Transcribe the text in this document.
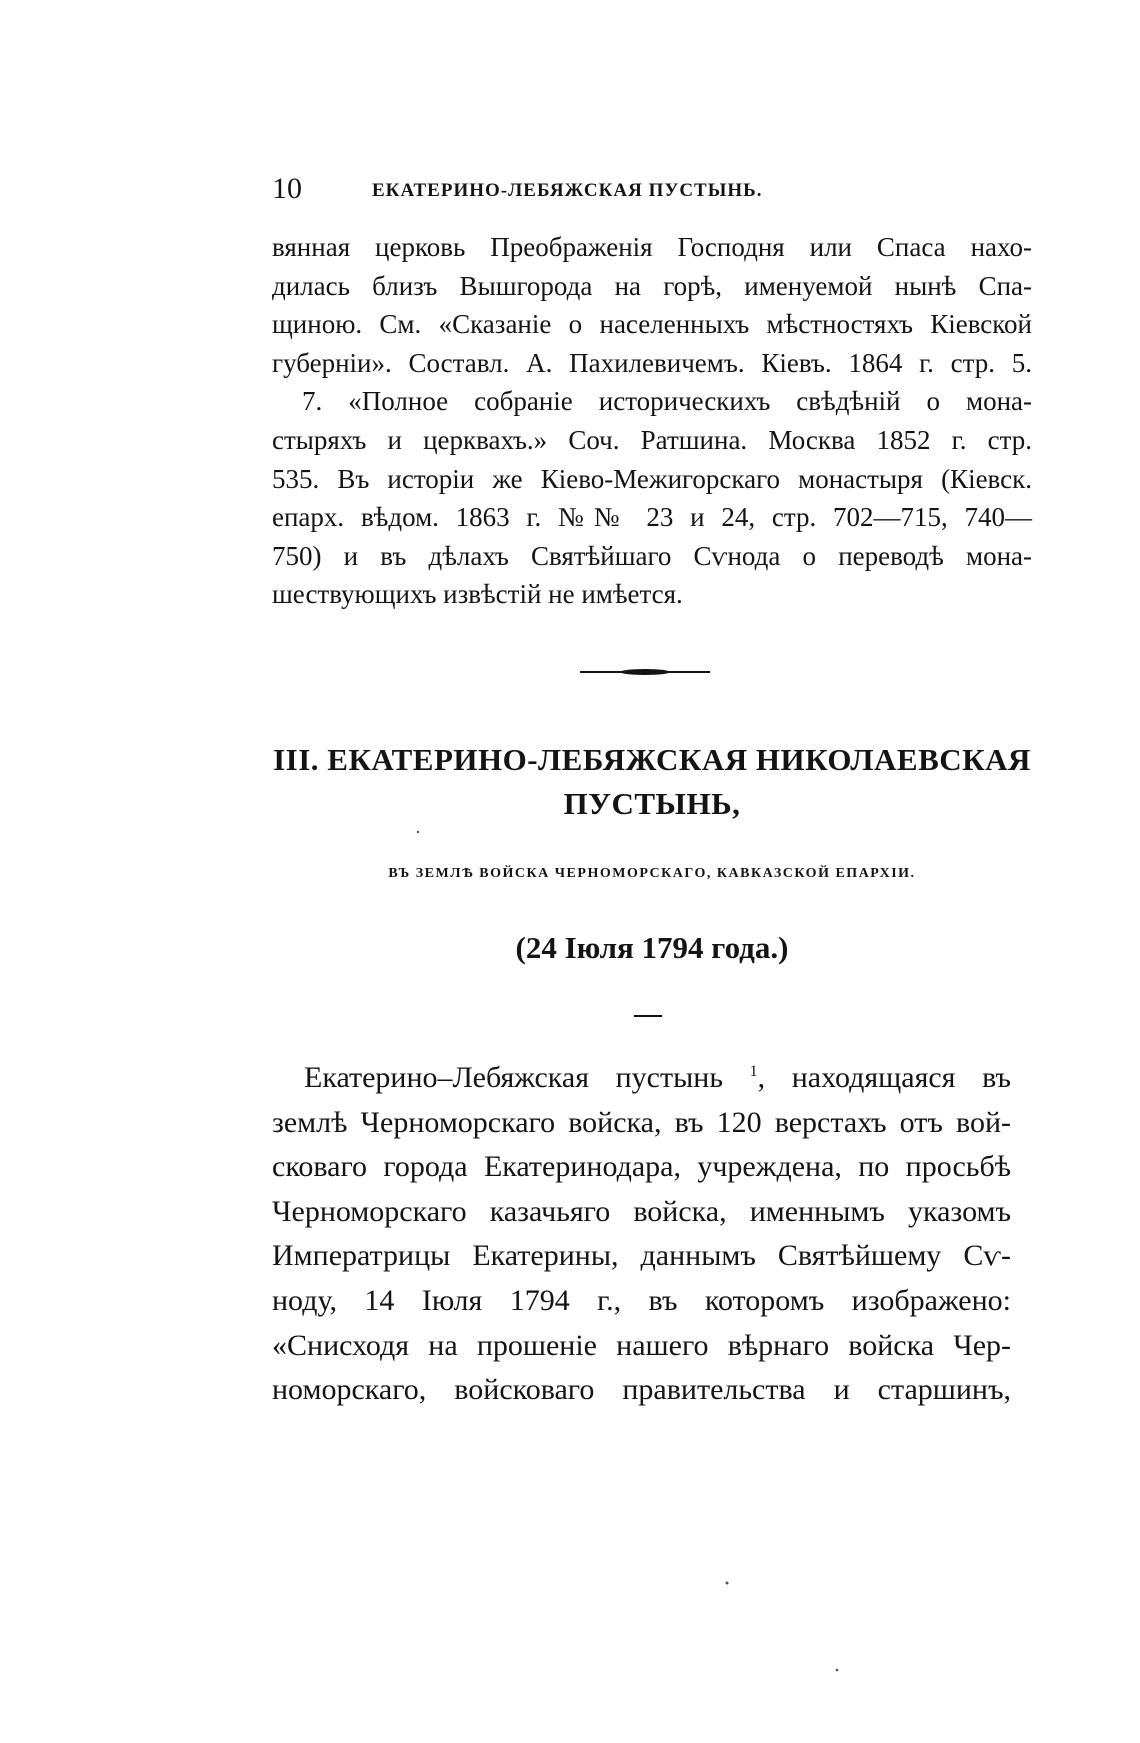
10	ЕКАТЕРИНО-ЛЕБЯЖСКАЯ ПУСТЫНЬ.
вянная церковь Преображенія Господня или Спаса нахо-
дилась близъ Вышгорода на горѣ, именуемой нынѣ Спа-
щиною. См. «Сказаніе о населенныхъ мѣстностяхъ Кіевской
губерніи». Составл. А. Пахилевичемъ. Кіевъ. 1864 г. стр. 5.
7. «Полное собраніе историческихъ свѣдѣній о мона-
стыряхъ и церквахъ.» Соч. Ратшина. Москва 1852 г. стр.
535. Въ исторіи же Кіево-Межигорскаго монастыря (Кіевск.
епарх. вѣдом. 1863 г. №№ 23 и 24, стр. 702—715, 740—
750) и въ дѣлахъ Святѣйшаго Сѵнода о переводѣ мона-
шествующихъ извѣстій не имѣется.
III. ЕКАТЕРИНО-ЛЕБЯЖСКАЯ НИКОЛАЕВСКАЯ
ПУСТЫНЬ,
ВЪ ЗЕМЛѢ ВОЙСКА ЧЕРНОМОРСКАГО, КАВКАЗСКОЙ ЕПАРХІИ.
(24 Іюля 1794 года.)
Екатерино–Лебяжская пустынь $^1$, находящаяся въ
землѣ Черноморскаго войска, въ 120 верстахъ отъ вой-
сковаго города Екатеринодара, учреждена, по просьбѣ
Черноморскаго казачьяго войска, именнымъ указомъ
Императрицы Екатерины, даннымъ Святѣйшему Сѵ-
ноду, 14 Іюля 1794 г., въ которомъ изображено:
«Снисходя на прошеніе нашего вѣрнаго войска Чер-
номорскаго, войсковаго правительства и старшинъ,
